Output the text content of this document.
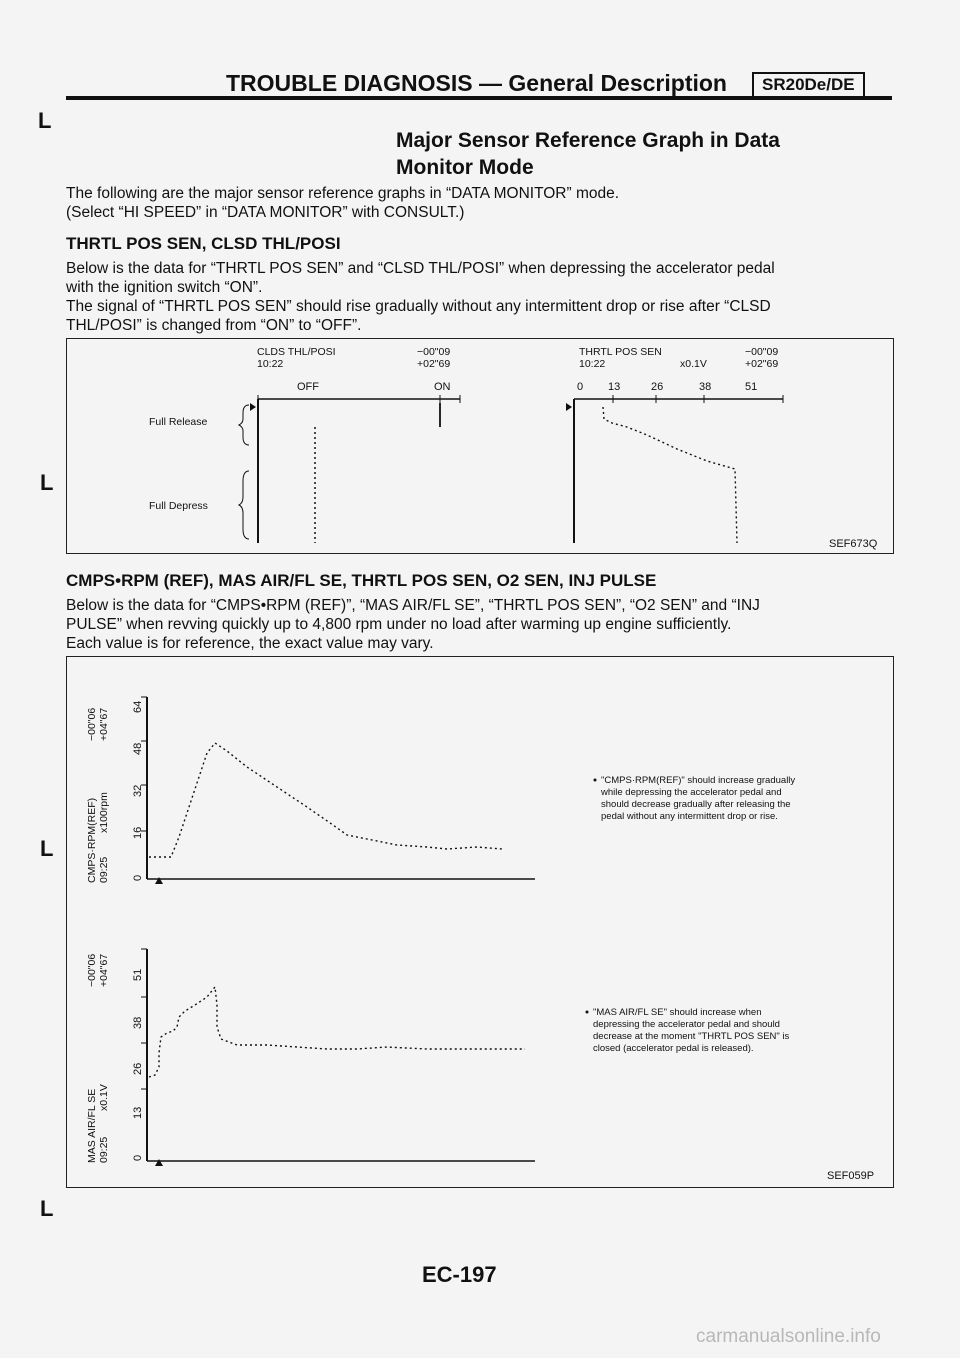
TROUBLE DIAGNOSIS — General Description	SR20De/DE
L
L
L
L
Major Sensor Reference Graph in Data
Monitor Mode
The following are the major sensor reference graphs in “DATA MONITOR” mode.
(Select “HI SPEED” in “DATA MONITOR” with CONSULT.)
THRTL POS SEN, CLSD THL/POSI
Below is the data for “THRTL POS SEN” and “CLSD THL/POSI” when depressing the accelerator pedal
with the ignition switch “ON”.
The signal of “THRTL POS SEN” should rise gradually without any intermittent drop or rise after “CLSD
THL/POSI” is changed from “ON” to “OFF”.
CLDS THL/POSI
10:22
−00"09
+02"69
OFF	ON
Full Release
Full Depress
THRTL POS SEN
10:22	x0.1V
−00"09
+02"69
0 13	26	38	51
SEF673Q
CMPS•RPM (REF), MAS AIR/FL SE, THRTL POS SEN, O2 SEN, INJ PULSE
Below is the data for “CMPS•RPM (REF)”, “MAS AIR/FL SE”, “THRTL POS SEN”, “O2 SEN” and “INJ
PULSE” when revving quickly up to 4,800 rpm under no load after warming up engine sufficiently.
Each value is for reference, the exact value may vary.
CMPS·RPM(REF) 09:25
x100rpm
−00"06 +04"67
0
16
32
48
64
"CMPS·RPM(REF)" should increase gradually
while depressing the accelerator pedal and
should decrease gradually after releasing the
pedal without any intermittent drop or rise.
MAS AIR/FL SE 09:25
x0.1V
−00"06 +04"67
0
13
26
38
51
"MAS AIR/FL SE" should increase when
depressing the accelerator pedal and should
decrease at the moment "THRTL POS SEN" is
closed (accelerator pedal is released).
SEF059P
EC-197
carmanualsonline.info
